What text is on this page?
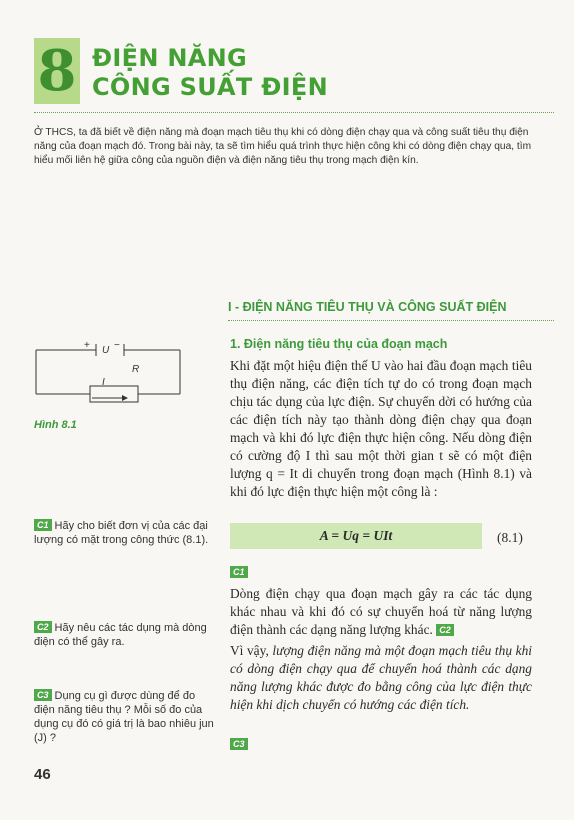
8 ĐIỆN NĂNG
CÔNG SUẤT ĐIỆN
Ở THCS, ta đã biết về điện năng mà đoạn mạch tiêu thụ khi có dòng điện chạy qua và công suất tiêu thụ điện năng của đoạn mạch đó. Trong bài này, ta sẽ tìm hiểu quá trình thực hiện công khi có dòng điện chạy qua, tìm hiểu mối liên hệ giữa công của nguồn điện và điện năng tiêu thụ trong mạch điện kín.
+ U −
R
I
Hình 8.1
C1 Hãy cho biết đơn vị của các đại lượng có mặt trong công thức (8.1).
C2 Hãy nêu các tác dụng mà dòng điện có thể gây ra.
C3 Dụng cụ gì được dùng để đo điện năng tiêu thụ ? Mỗi số đo của dụng cụ đó có giá trị là bao nhiêu jun (J) ?
46
I - ĐIỆN NĂNG TIÊU THỤ VÀ CÔNG SUẤT ĐIỆN
1. Điện năng tiêu thụ của đoạn mạch
Khi đặt một hiệu điện thế U vào hai đầu đoạn mạch tiêu thụ điện năng, các điện tích tự do có trong đoạn mạch chịu tác dụng của lực điện. Sự chuyển dời có hướng của các điện tích này tạo thành dòng điện chạy qua đoạn mạch và khi đó lực điện thực hiện công. Nếu dòng điện có cường độ I thì sau một thời gian t sẽ có một điện lượng q = It di chuyển trong đoạn mạch (Hình 8.1) và khi đó lực điện thực hiện một công là :
A = Uq = UIt	(8.1)
C1
Dòng điện chạy qua đoạn mạch gây ra các tác dụng khác nhau và khi đó có sự chuyển hoá từ năng lượng điện thành các dạng năng lượng khác. C2
Vì vậy, lượng điện năng mà một đoạn mạch tiêu thụ khi có dòng điện chạy qua để chuyển hoá thành các dạng năng lượng khác được đo bằng công của lực điện thực hiện khi dịch chuyển có hướng các điện tích.
C3
